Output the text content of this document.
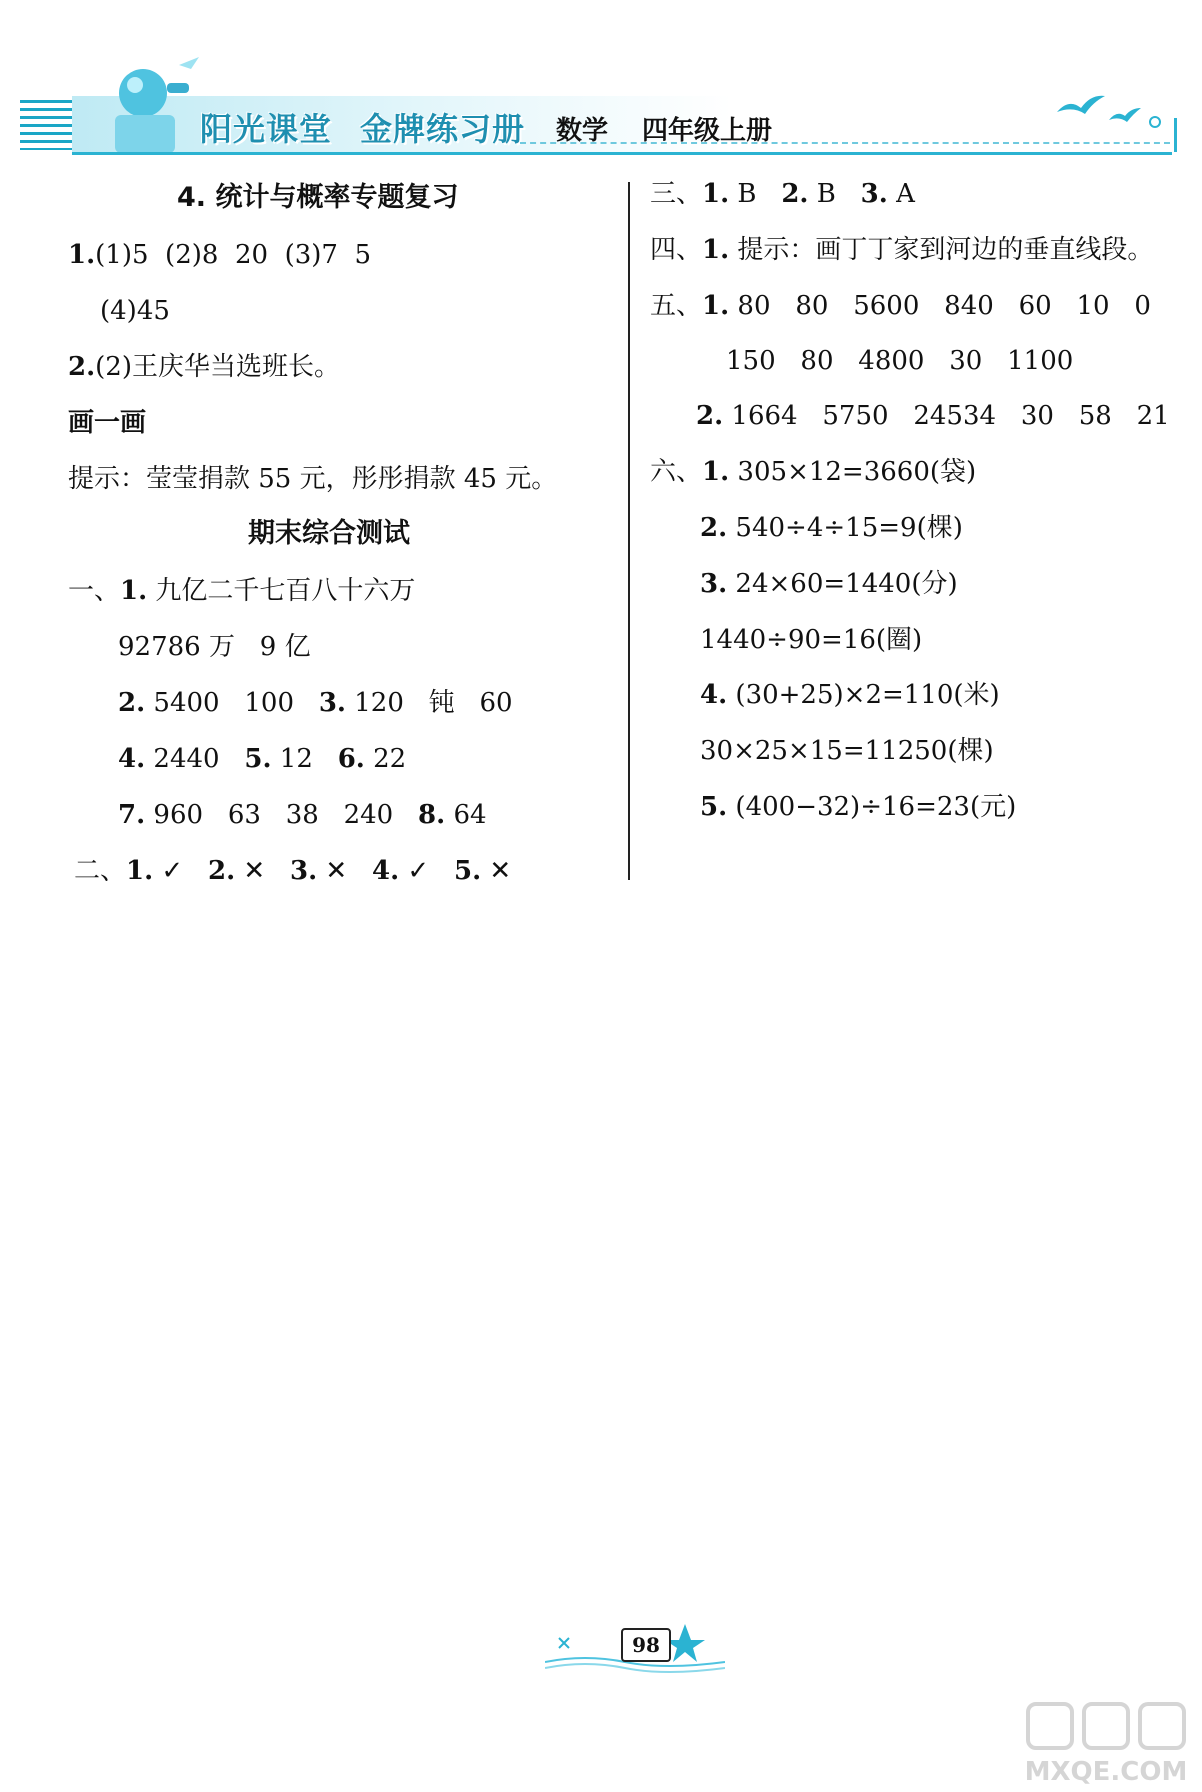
阳光课堂 金牌练习册 数学 四年级上册
4. 统计与概率专题复习
1.(1)5  (2)8  20  (3)7  5
(4)45
2.(2)王庆华当选班长。
画一画
提示：莹莹捐款 55 元，彤彤捐款 45 元。
期末综合测试
一、1. 九亿二千七百八十六万
92786 万   9 亿
2. 5400   100   3. 120   钝   60
4. 2440   5. 12   6. 22
7. 960   63   38   240   8. 64
二、1. ✓   2. ✕   3. ✕   4. ✓   5. ✕
三、1. B   2. B   3. A
四、1. 提示：画丁丁家到河边的垂直线段。
五、1. 80   80   5600   840   60   10   0
150   80   4800   30   1100
2. 1664   5750   24534   30   58   21
六、1. 305×12=3660(袋)
2. 540÷4÷15=9(棵)
3. 24×60=1440(分)
1440÷90=16(圈)
4. (30+25)×2=110(米)
30×25×15=11250(棵)
5. (400−32)÷16=23(元)
98
MXQE.COM
